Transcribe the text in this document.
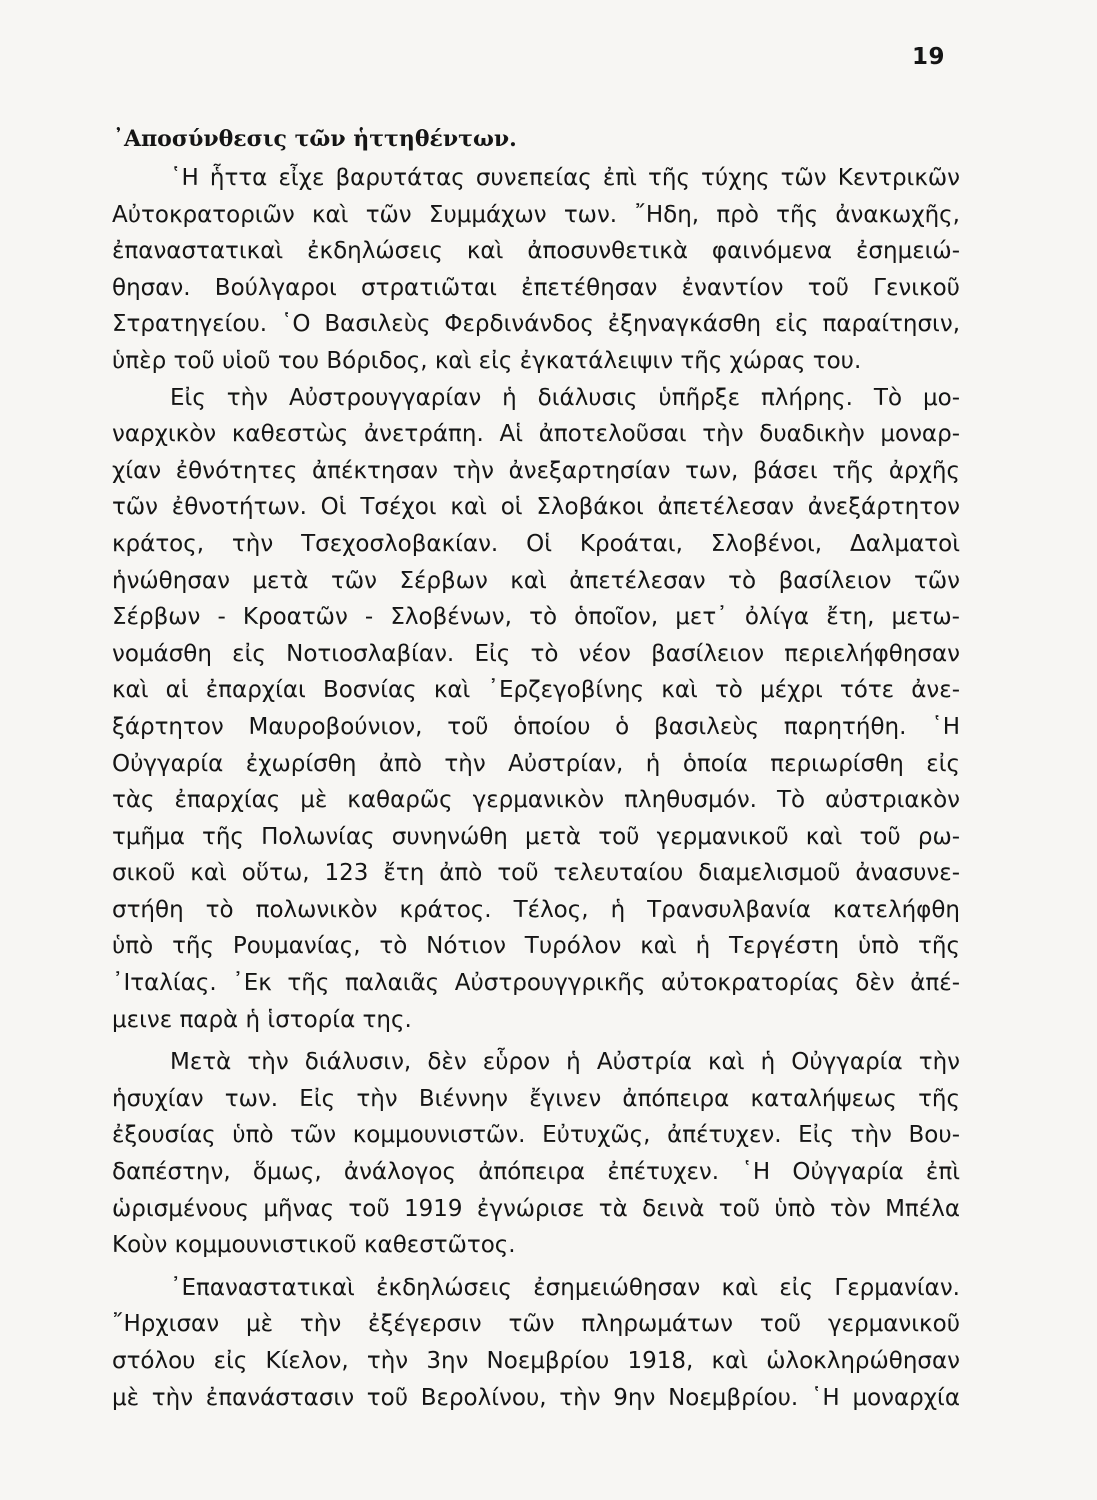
19
᾽Αποσύνθεσις τῶν ἡττηθέντων.
῾Η ἧττα εἶχε βαρυτάτας συνεπείας ἐπὶ τῆς τύχης τῶν Κεντρικῶν
Αὐτοκρατοριῶν καὶ τῶν Συμμάχων των. ῎Ηδη, πρὸ τῆς ἀνακωχῆς,
ἐπαναστατικαὶ ἐκδηλώσεις καὶ ἀποσυνθετικὰ φαινόμενα ἐσημειώ-
θησαν. Βούλγαροι στρατιῶται ἐπετέθησαν ἐναντίον τοῦ Γενικοῦ
Στρατηγείου. ῾Ο Βασιλεὺς Φερδινάνδος ἐξηναγκάσθη εἰς παραίτησιν,
ὑπὲρ τοῦ υἱοῦ του Βόριδος, καὶ εἰς ἐγκατάλειψιν τῆς χώρας του.
Εἰς τὴν Αὐστρουγγαρίαν ἡ διάλυσις ὑπῆρξε πλήρης. Τὸ μο-
ναρχικὸν καθεστὼς ἀνετράπη. Αἱ ἀποτελοῦσαι τὴν δυαδικὴν μοναρ-
χίαν ἐθνότητες ἀπέκτησαν τὴν ἀνεξαρτησίαν των, βάσει τῆς ἀρχῆς
τῶν ἐθνοτήτων. Οἱ Τσέχοι καὶ οἱ Σλοβάκοι ἀπετέλεσαν ἀνεξάρτητον
κράτος, τὴν Τσεχοσλοβακίαν. Οἱ Κροάται, Σλοβένοι, Δαλματοὶ
ἡνώθησαν μετὰ τῶν Σέρβων καὶ ἀπετέλεσαν τὸ βασίλειον τῶν
Σέρβων - Κροατῶν - Σλοβένων, τὸ ὁποῖον, μετ᾽ ὀλίγα ἔτη, μετω-
νομάσθη εἰς Νοτιοσλαβίαν. Εἰς τὸ νέον βασίλειον περιελήφθησαν
καὶ αἱ ἐπαρχίαι Βοσνίας καὶ ᾽Ερζεγοβίνης καὶ τὸ μέχρι τότε ἀνε-
ξάρτητον Μαυροβούνιον, τοῦ ὁποίου ὁ βασιλεὺς παρητήθη. ῾Η
Οὐγγαρία ἐχωρίσθη ἀπὸ τὴν Αὐστρίαν, ἡ ὁποία περιωρίσθη εἰς
τὰς ἐπαρχίας μὲ καθαρῶς γερμανικὸν πληθυσμόν. Τὸ αὐστριακὸν
τμῆμα τῆς Πολωνίας συνηνώθη μετὰ τοῦ γερμανικοῦ καὶ τοῦ ρω-
σικοῦ καὶ οὕτω, 123 ἔτη ἀπὸ τοῦ τελευταίου διαμελισμοῦ ἀνασυνε-
στήθη τὸ πολωνικὸν κράτος. Τέλος, ἡ Τρανσυλβανία κατελήφθη
ὑπὸ τῆς Ρουμανίας, τὸ Νότιον Τυρόλον καὶ ἡ Τεργέστη ὑπὸ τῆς
᾽Ιταλίας. ᾽Εκ τῆς παλαιᾶς Αὐστρουγγρικῆς αὐτοκρατορίας δὲν ἀπέ-
μεινε παρὰ ἡ ἱστορία της.
Μετὰ τὴν διάλυσιν, δὲν εὗρον ἡ Αὐστρία καὶ ἡ Οὐγγαρία τὴν
ἡσυχίαν των. Εἰς τὴν Βιέννην ἔγινεν ἀπόπειρα καταλήψεως τῆς
ἐξουσίας ὑπὸ τῶν κομμουνιστῶν. Εὐτυχῶς, ἀπέτυχεν. Εἰς τὴν Βου-
δαπέστην, ὅμως, ἀνάλογος ἀπόπειρα ἐπέτυχεν. ῾Η Οὐγγαρία ἐπὶ
ὡρισμένους μῆνας τοῦ 1919 ἐγνώρισε τὰ δεινὰ τοῦ ὑπὸ τὸν Μπέλα
Κοὺν κομμουνιστικοῦ καθεστῶτος.
᾽Επαναστατικαὶ ἐκδηλώσεις ἐσημειώθησαν καὶ εἰς Γερμανίαν.
῎Ηρχισαν μὲ τὴν ἐξέγερσιν τῶν πληρωμάτων τοῦ γερμανικοῦ
στόλου εἰς Κίελον, τὴν 3ην Νοεμβρίου 1918, καὶ ὡλοκληρώθησαν
μὲ τὴν ἐπανάστασιν τοῦ Βερολίνου, τὴν 9ην Νοεμβρίου. ῾Η μοναρχία
